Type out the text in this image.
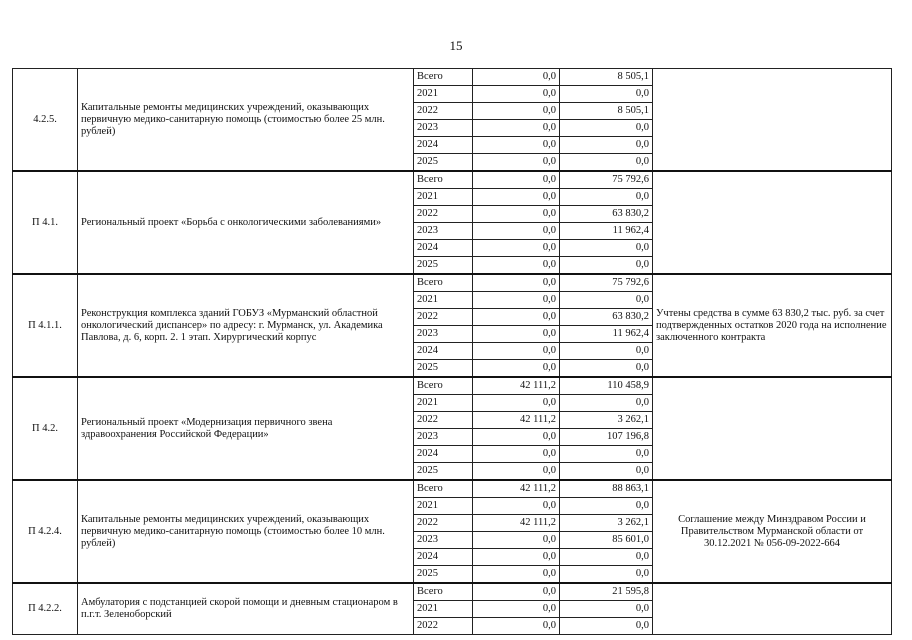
15
4.2.5.	Капитальные ремонты медицинских учреждений, оказывающих первичную медико-санитарную помощь (стоимостью более 25 млн. рублей)	Всего	0,0	8 505,1	
		2021	0,0	0,0	
		2022	0,0	8 505,1	
		2023	0,0	0,0	
		2024	0,0	0,0	
		2025	0,0	0,0	
П 4.1.	Региональный проект «Борьба с онкологическими заболеваниями»	Всего	0,0	75 792,6	
		2021	0,0	0,0	
		2022	0,0	63 830,2	
		2023	0,0	11 962,4	
		2024	0,0	0,0	
		2025	0,0	0,0	
П 4.1.1.	Реконструкция комплекса зданий ГОБУЗ «Мурманский областной онкологический диспансер» по адресу: г. Мурманск, ул. Академика Павлова, д. 6, корп. 2. 1 этап. Хирургический корпус	Всего	0,0	75 792,6	Учтены средства в сумме 63 830,2 тыс. руб. за счет подтвержденных остатков 2020 года на исполнение заключенного контракта
		2021	0,0	0,0	
		2022	0,0	63 830,2	
		2023	0,0	11 962,4	
		2024	0,0	0,0	
		2025	0,0	0,0	
П 4.2.	Региональный проект «Модернизация первичного звена здравоохранения Российской Федерации»	Всего	42 111,2	110 458,9	
		2021	0,0	0,0	
		2022	42 111,2	3 262,1	
		2023	0,0	107 196,8	
		2024	0,0	0,0	
		2025	0,0	0,0	
П 4.2.4.	Капитальные ремонты медицинских учреждений, оказывающих первичную медико-санитарную помощь (стоимостью более 10 млн. рублей)	Всего	42 111,2	88 863,1	Соглашение между Минздравом России и Правительством Мурманской области от 30.12.2021 № 056-09-2022-664
		2021	0,0	0,0	
		2022	42 111,2	3 262,1	
		2023	0,0	85 601,0	
		2024	0,0	0,0	
		2025	0,0	0,0	
П 4.2.2.	Амбулатория с подстанцией скорой помощи и дневным стационаром в п.г.т. Зеленоборский	Всего	0,0	21 595,8	
		2021	0,0	0,0	
		2022	0,0	0,0	
